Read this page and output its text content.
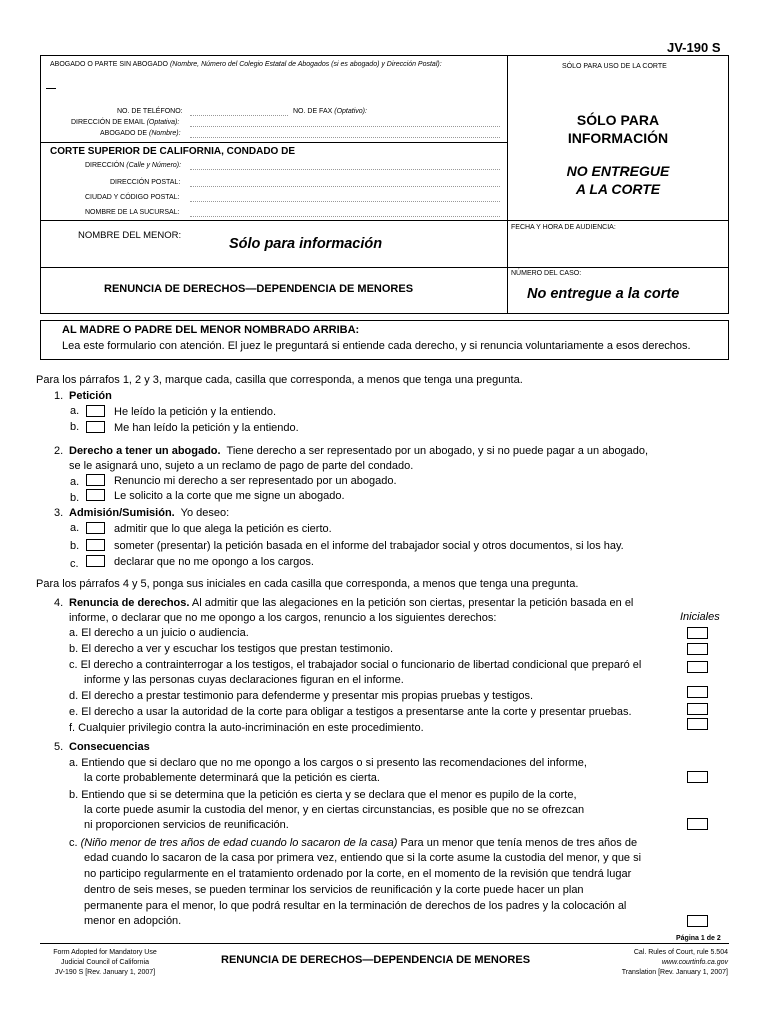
JV-190 S
ABOGADO O PARTE SIN ABOGADO (Nombre, Número del Colegio Estatal de Abogados (si es abogado) y Dirección Postal):	SÓLO PARA USO DE LA CORTE
NO. DE TELÉFONO:	NO. DE FAX (Optativo):
DIRECCIÓN DE EMAIL (Optativa):
ABOGADO DE (Nombre):
SÓLO PARA
INFORMACIÓN
NO ENTREGUE
A LA CORTE
CORTE SUPERIOR DE CALIFORNIA, CONDADO DE
DIRECCIÓN (Calle y Número):
DIRECCIÓN POSTAL:
CIUDAD Y CÓDIGO POSTAL:
NOMBRE DE LA SUCURSAL:
NOMBRE DEL MENOR:
Sólo para información
FECHA Y HORA DE AUDIENCIA:
NÚMERO DEL CASO:
RENUNCIA DE DERECHOS—DEPENDENCIA DE MENORES	No entregue a la corte
AL MADRE O PADRE DEL MENOR NOMBRADO ARRIBA:
Lea este formulario con atención. El juez le preguntará si entiende cada derecho, y si renuncia voluntariamente a esos derechos.
Para los párrafos 1, 2 y 3, marque cada, casilla que corresponda, a menos que tenga una pregunta.
1. Petición
a.	He leído la petición y la entiendo.
b.	Me han leído la petición y la entiendo.
2. Derecho a tener un abogado. Tiene derecho a ser representado por un abogado, y si no puede pagar a un abogado,
se le asignará uno, sujeto a un reclamo de pago de parte del condado.
a.	Renuncio mi derecho a ser representado por un abogado.
b.	Le solicito a la corte que me signe un abogado.
3. Admisión/Sumisión. Yo deseo:
a.	admitir que lo que alega la petición es cierto.
b.	someter (presentar) la petición basada en el informe del trabajador social y otros documentos, si los hay.
c.	declarar que no me opongo a los cargos.
Para los párrafos 4 y 5, ponga sus iniciales en cada casilla que corresponda, a menos que tenga una pregunta.
Iniciales
4. Renuncia de derechos. Al admitir que las alegaciones en la petición son ciertas, presentar la petición basada en el
informe, o declarar que no me opongo a los cargos, renuncio a los siguientes derechos:
a. El derecho a un juicio o audiencia.
b. El derecho a ver y escuchar los testigos que prestan testimonio.
c. El derecho a contrainterrogar a los testigos, el trabajador social o funcionario de libertad condicional que preparó el
informe y las personas cuyas declaraciones figuran en el informe.
d. El derecho a prestar testimonio para defenderme y presentar mis propias pruebas y testigos.
e. El derecho a usar la autoridad de la corte para obligar a testigos a presentarse ante la corte y presentar pruebas.
f. Cualquier privilegio contra la auto-incriminación en este procedimiento.
5. Consecuencias
a. Entiendo que si declaro que no me opongo a los cargos o si presento las recomendaciones del informe,
la corte probablemente determinará que la petición es cierta.
b. Entiendo que si se determina que la petición es cierta y se declara que el menor es pupilo de la corte,
la corte puede asumir la custodia del menor, y en ciertas circunstancias, es posible que no se ofrezcan
ni proporcionen servicios de reunificación.
c. (Niño menor de tres años de edad cuando lo sacaron de la casa) Para un menor que tenía menos de tres años de
edad cuando lo sacaron de la casa por primera vez, entiendo que si la corte asume la custodia del menor, y que si
no participo regularmente en el tratamiento ordenado por la corte, en el momento de la revisión que tendrá lugar
dentro de seis meses, se pueden terminar los servicios de reunificación y la corte puede hacer un plan
permanente para el menor, lo que podrá resultar en la terminación de derechos de los padres y la colocación al
menor en adopción.
Página 1 de 2
Form Adopted for Mandatory Use
Judicial Council of California
JV-190 S [Rev. January 1, 2007]
RENUNCIA DE DERECHOS—DEPENDENCIA DE MENORES
Cal. Rules of Court, rule 5.504
www.courtinfo.ca.gov
Translation [Rev. January 1, 2007]
